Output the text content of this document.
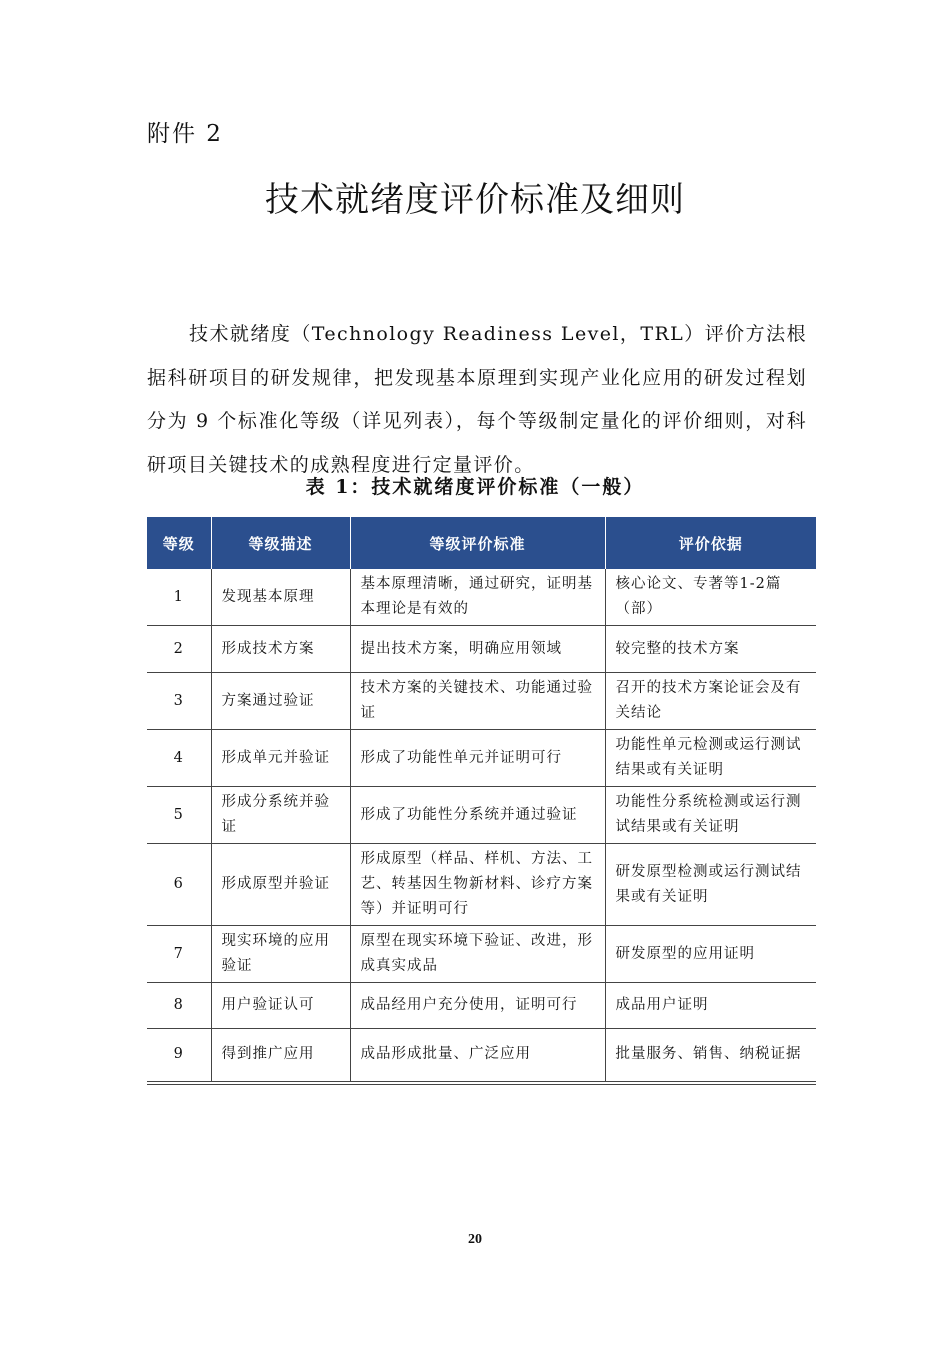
附件 2
技术就绪度评价标准及细则

技术就绪度（Technology Readiness Level，TRL）评价方法根据科研项目的研发规律，把发现基本原理到实现产业化应用的研发过程划分为 9 个标准化等级（详见列表），每个等级制定量化的评价细则，对科研项目关键技术的成熟程度进行定量评价。

表 1：技术就绪度评价标准（一般）
等级	等级描述	等级评价标准	评价依据
1	发现基本原理	基本原理清晰，通过研究，证明基本理论是有效的	核心论文、专著等1-2篇（部）
2	形成技术方案	提出技术方案，明确应用领域	较完整的技术方案
3	方案通过验证	技术方案的关键技术、功能通过验证	召开的技术方案论证会及有关结论
4	形成单元并验证	形成了功能性单元并证明可行	功能性单元检测或运行测试结果或有关证明
5	形成分系统并验证	形成了功能性分系统并通过验证	功能性分系统检测或运行测试结果或有关证明
6	形成原型并验证	形成原型（样品、样机、方法、工艺、转基因生物新材料、诊疗方案等）并证明可行	研发原型检测或运行测试结果或有关证明
7	现实环境的应用验证	原型在现实环境下验证、改进，形成真实成品	研发原型的应用证明
8	用户验证认可	成品经用户充分使用，证明可行	成品用户证明
9	得到推广应用	成品形成批量、广泛应用	批量服务、销售、纳税证据
20
